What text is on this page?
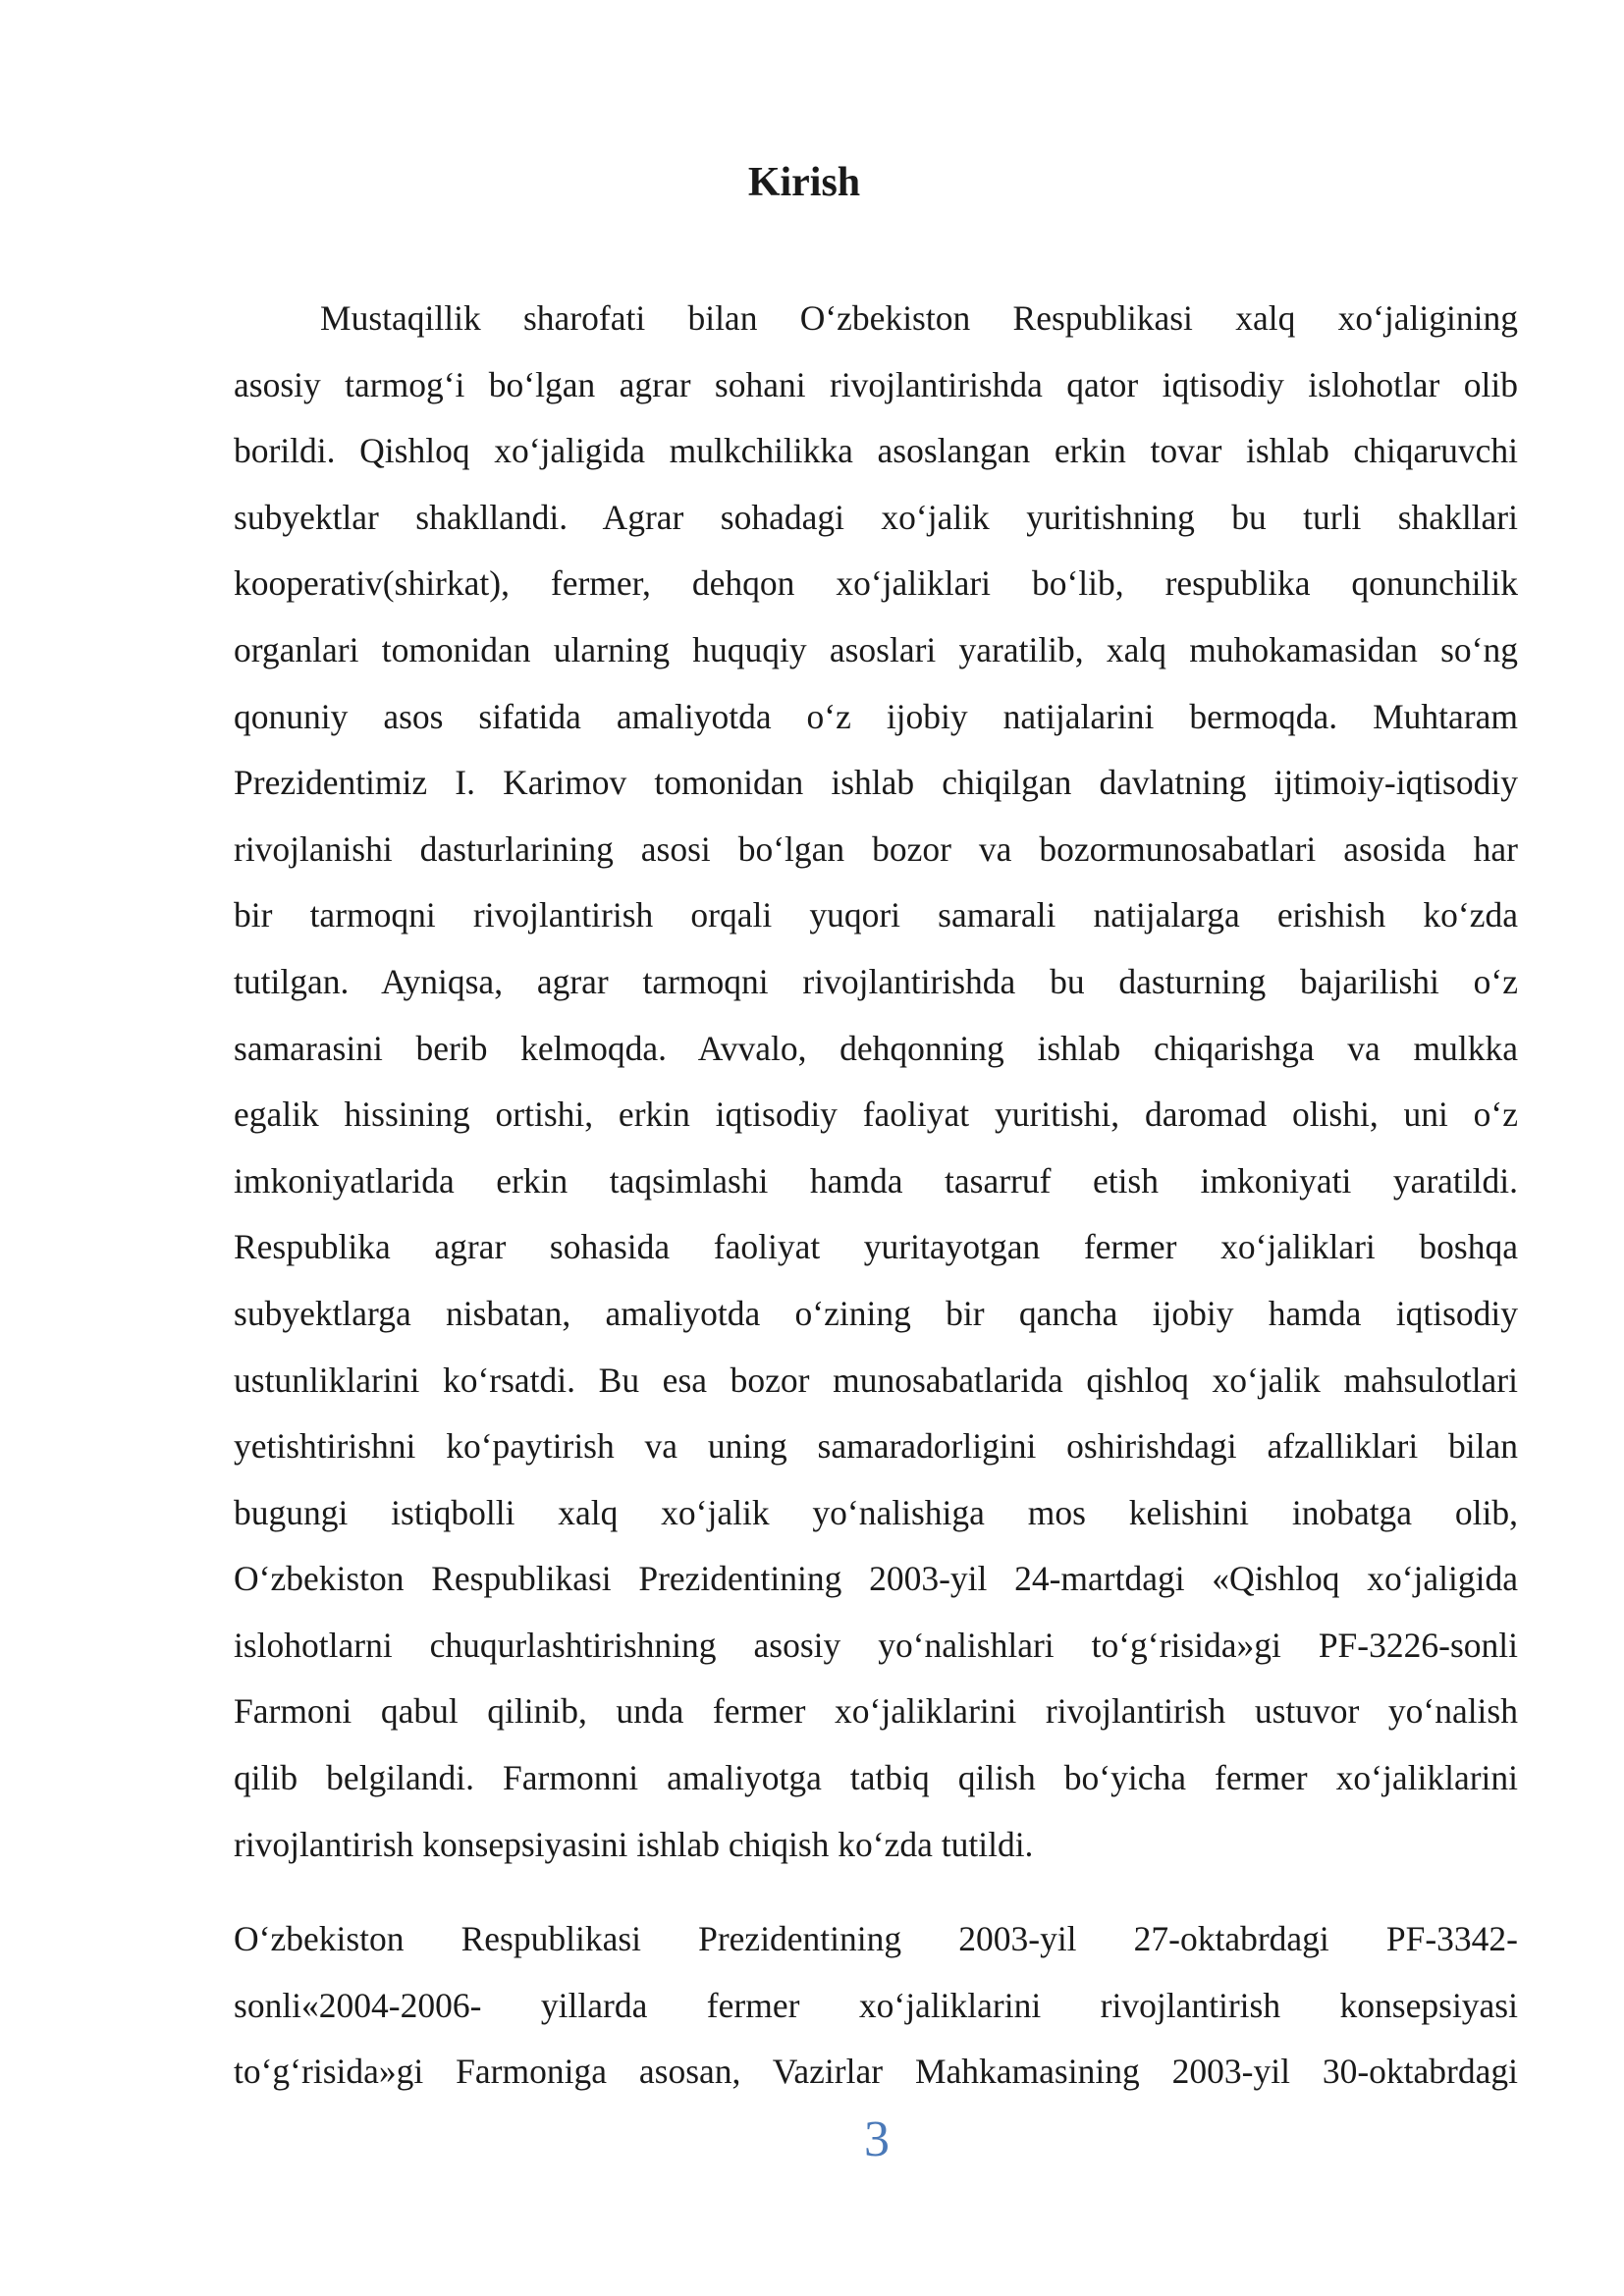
Kirish
Mustaqillik sharofati bilan O‘zbekiston Respublikasi xalq xo‘jaligining
asosiy tarmog‘i bo‘lgan agrar sohani rivojlantirishda qator iqtisodiy islohotlar olib
borildi. Qishloq xo‘jaligida mulkchilikka asoslangan erkin tovar ishlab chiqaruvchi
subyektlar shakllandi. Agrar sohadagi xo‘jalik yuritishning bu turli shakllari
kooperativ(shirkat), fermer, dehqon xo‘jaliklari bo‘lib, respublika qonunchilik
organlari tomonidan ularning huquqiy asoslari yaratilib, xalq muhokamasidan so‘ng
qonuniy asos sifatida amaliyotda o‘z ijobiy natijalarini bermoqda. Muhtaram
Prezidentimiz I. Karimov tomonidan ishlab chiqilgan davlatning ijtimoiy-iqtisodiy
rivojlanishi dasturlarining asosi bo‘lgan bozor va bozormunosabatlari asosida har
bir tarmoqni rivojlantirish orqali yuqori samarali natijalarga erishish ko‘zda
tutilgan. Ayniqsa, agrar tarmoqni rivojlantirishda bu dasturning bajarilishi o‘z
samarasini berib kelmoqda. Avvalo, dehqonning ishlab chiqarishga va mulkka
egalik hissining ortishi, erkin iqtisodiy faoliyat yuritishi, daromad olishi, uni o‘z
imkoniyatlarida erkin taqsimlashi hamda tasarruf etish imkoniyati yaratildi.
Respublika agrar sohasida faoliyat yuritayotgan fermer xo‘jaliklari boshqa
subyektlarga nisbatan, amaliyotda o‘zining bir qancha ijobiy hamda iqtisodiy
ustunliklarini ko‘rsatdi. Bu esa bozor munosabatlarida qishloq xo‘jalik mahsulotlari
yetishtirishni ko‘paytirish va uning samaradorligini oshirishdagi afzalliklari bilan
bugungi istiqbolli xalq xo‘jalik yo‘nalishiga mos kelishini inobatga olib,
O‘zbekiston Respublikasi Prezidentining 2003-yil 24-martdagi «Qishloq xo‘jaligida
islohotlarni chuqurlashtirishning asosiy yo‘nalishlari to‘g‘risida»gi PF-3226-sonli
Farmoni qabul qilinib, unda fermer xo‘jaliklarini rivojlantirish ustuvor yo‘nalish
qilib belgilandi. Farmonni amaliyotga tatbiq qilish bo‘yicha fermer xo‘jaliklarini
rivojlantirish konsepsiyasini ishlab chiqish ko‘zda tutildi.
O‘zbekiston Respublikasi Prezidentining 2003-yil 27-oktabrdagi PF-3342-
sonli«2004-2006- yillarda fermer xo‘jaliklarini rivojlantirish konsepsiyasi
to‘g‘risida»gi Farmoniga asosan, Vazirlar Mahkamasining 2003-yil 30-oktabrdagi
3
